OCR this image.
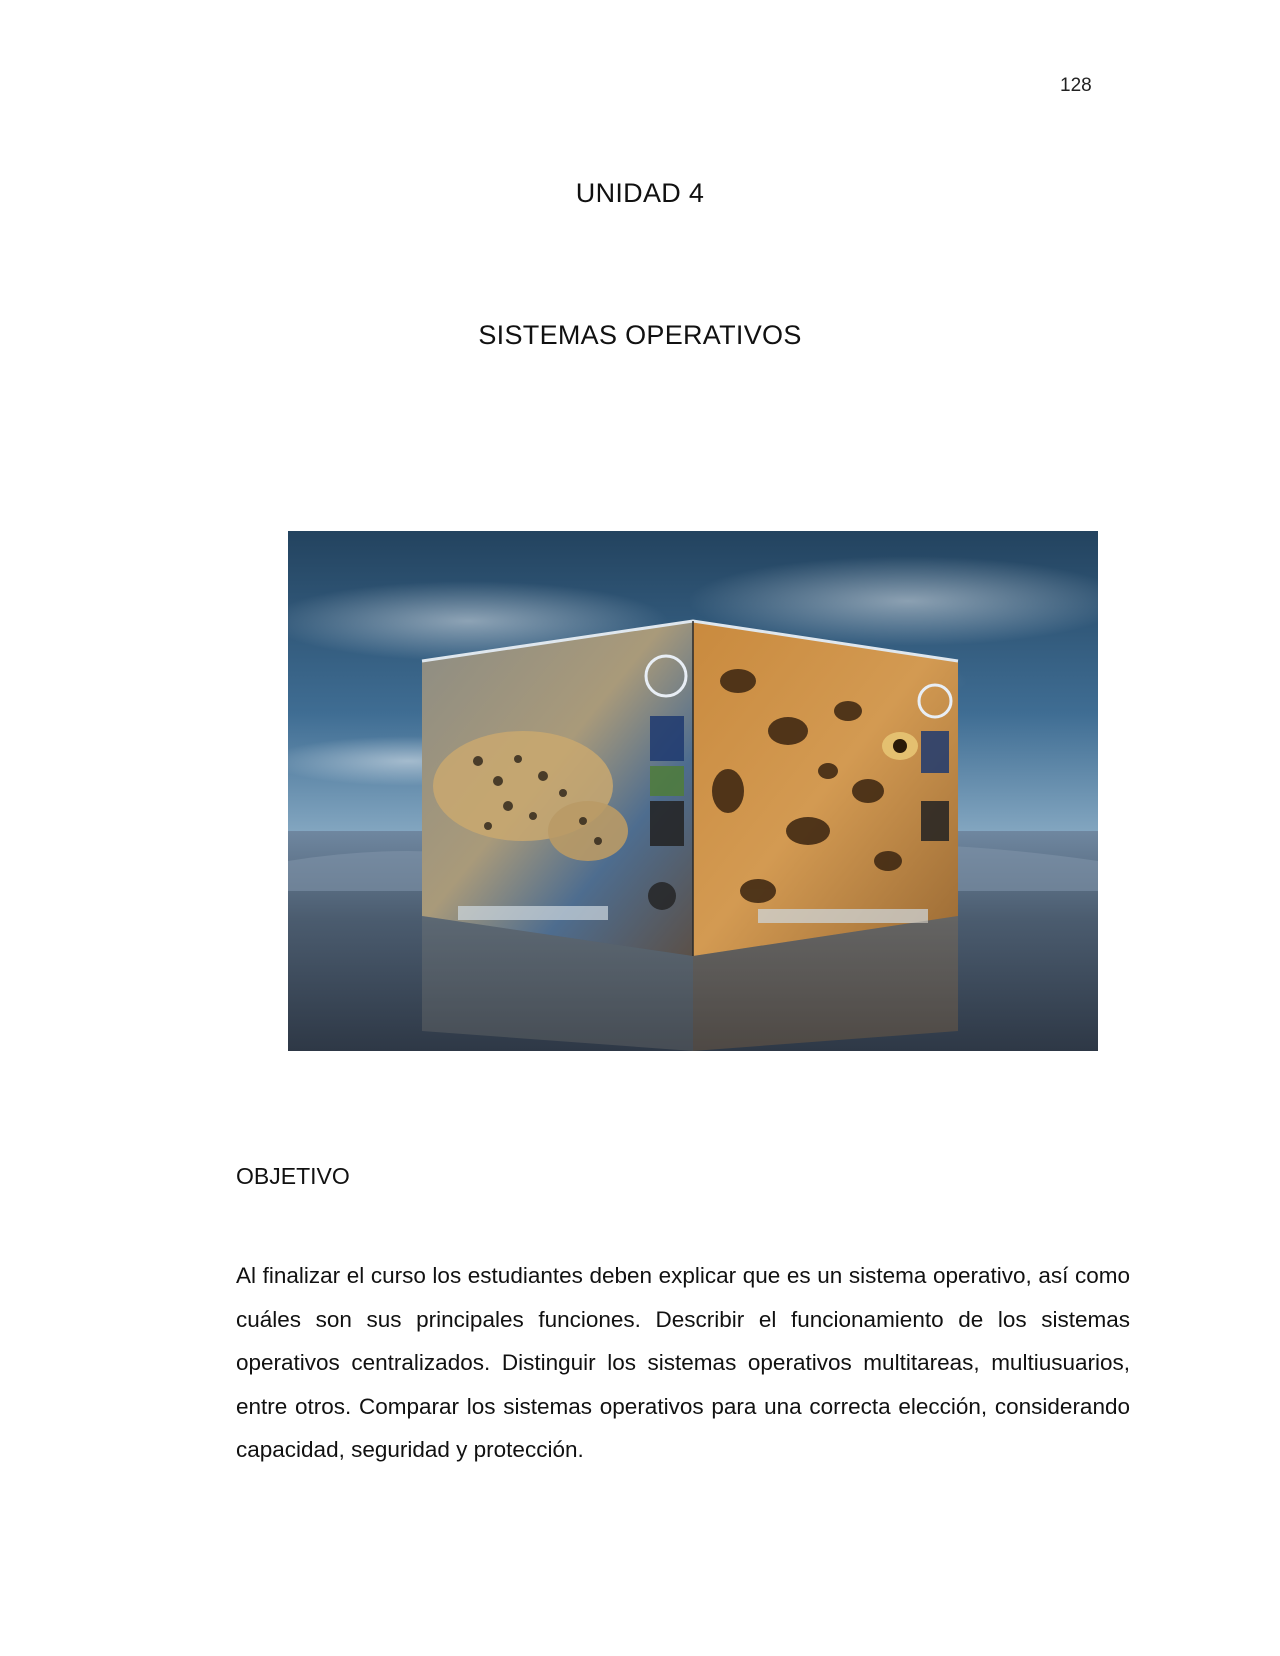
128
UNIDAD 4
SISTEMAS OPERATIVOS
OBJETIVO

Al finalizar el curso los estudiantes deben explicar que es un sistema operativo, así como cuáles son sus principales funciones. Describir el funcionamiento de los sistemas operativos centralizados. Distinguir los sistemas operativos multitareas, multiusuarios, entre otros. Comparar los sistemas operativos para una correcta elección, considerando capacidad, seguridad y protección.
